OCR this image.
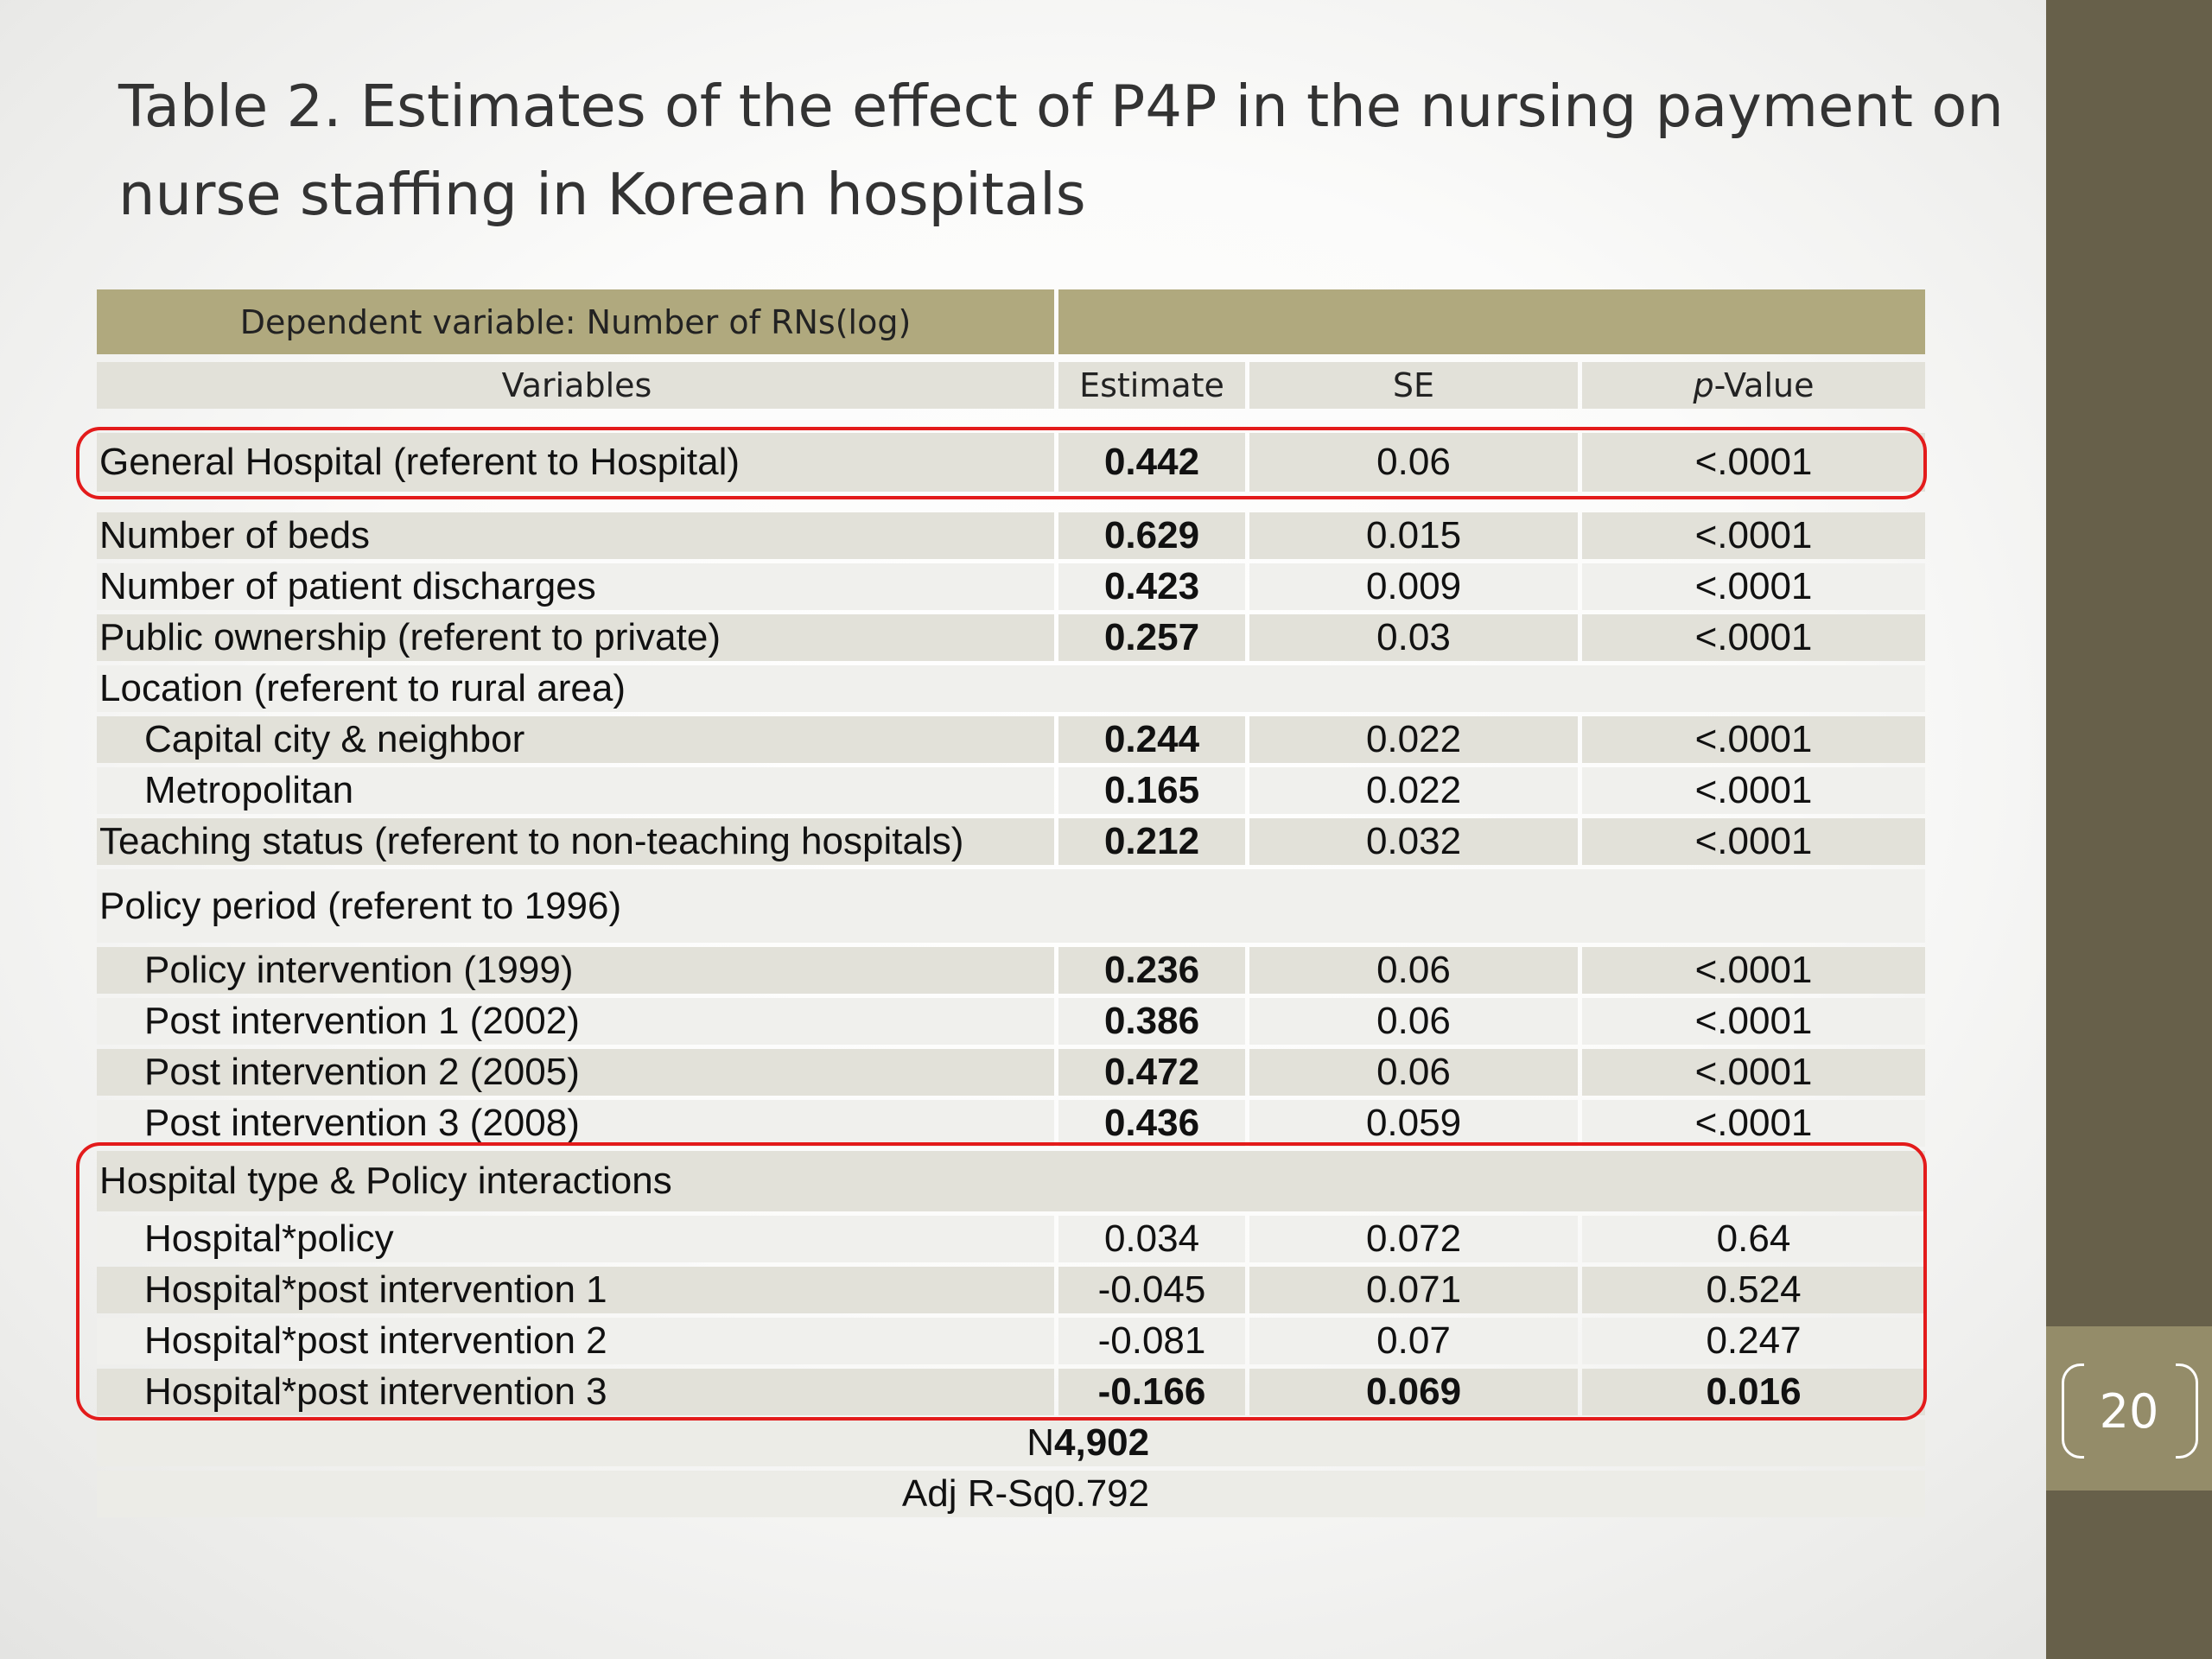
20
Table 2. Estimates of the effect of P4P in the nursing payment on nurse staffing in Korean hospitals
Dependent variable: Number of RNs(log)
Variables	Estimate	SE	p -Value
General Hospital (referent to Hospital)	0.442	0.06	<.0001
Number of beds	0.629	0.015	<.0001
Number of patient discharges	0.423	0.009	<.0001
Public ownership (referent to private)	0.257	0.03	<.0001
Location (referent to rural area)
Capital city & neighbor	0.244	0.022	<.0001
Metropolitan	0.165	0.022	<.0001
Teaching status (referent to non-teaching hospitals)	0.212	0.032	<.0001
Policy period (referent to 1996)
Policy intervention (1999)	0.236	0.06	<.0001
Post intervention 1 (2002)	0.386	0.06	<.0001
Post intervention 2 (2005)	0.472	0.06	<.0001
Post intervention 3 (2008)	0.436	0.059	<.0001
Hospital type & Policy interactions
Hospital*policy	0.034	0.072	0.64
Hospital*post intervention 1	-0.045	0.071	0.524
Hospital*post intervention 2	-0.081	0.07	0.247
Hospital*post intervention 3	-0.166	0.069	0.016
N 4,902
Adj R-Sq 0.792
